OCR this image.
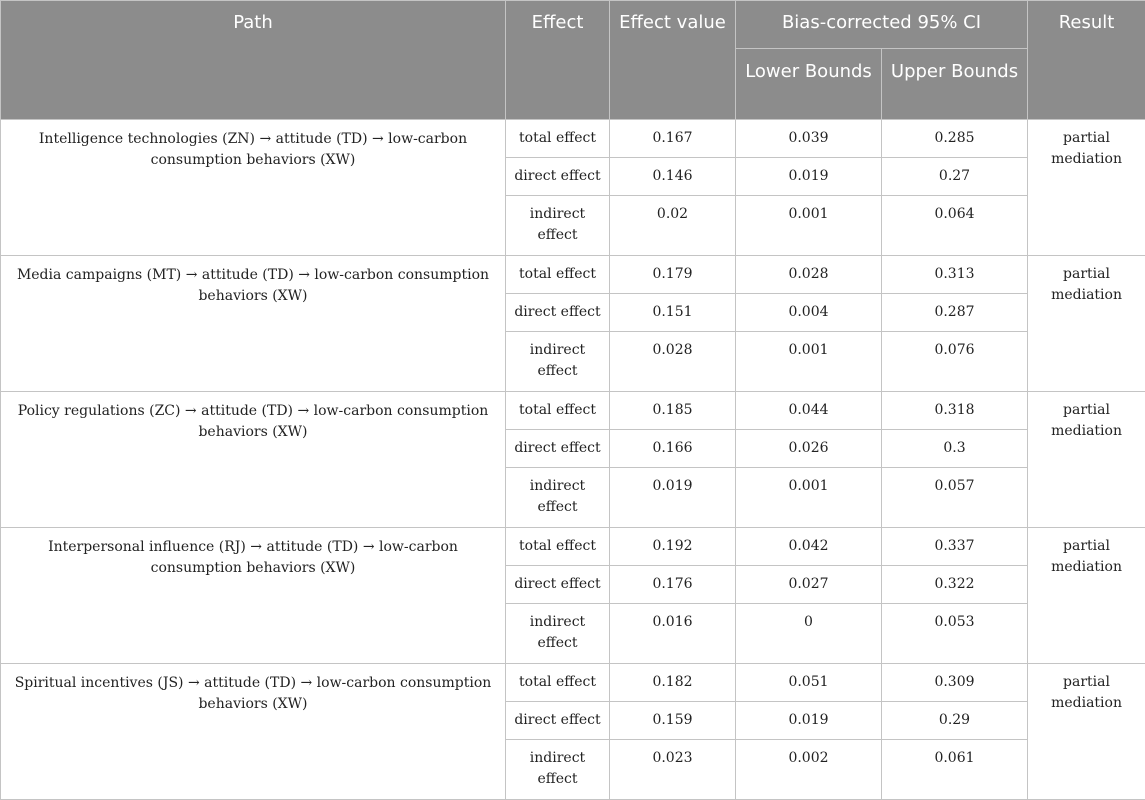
Path	Effect	Effect value	Bias-corrected 95% CI		Result
			Lower Bounds	Upper Bounds	
Intelligence technologies (ZN) → attitude (TD) → low-carbon consumption behaviors (XW)	total effect	0.167	0.039	0.285	partial mediation
	direct effect	0.146	0.019	0.27	
	indirect effect	0.02	0.001	0.064	
Media campaigns (MT) → attitude (TD) → low-carbon consumption behaviors (XW)	total effect	0.179	0.028	0.313	partial mediation
	direct effect	0.151	0.004	0.287	
	indirect effect	0.028	0.001	0.076	
Policy regulations (ZC) → attitude (TD) → low-carbon consumption behaviors (XW)	total effect	0.185	0.044	0.318	partial mediation
	direct effect	0.166	0.026	0.3	
	indirect effect	0.019	0.001	0.057	
Interpersonal influence (RJ) → attitude (TD) → low-carbon consumption behaviors (XW)	total effect	0.192	0.042	0.337	partial mediation
	direct effect	0.176	0.027	0.322	
	indirect effect	0.016	0	0.053	
Spiritual incentives (JS) → attitude (TD) → low-carbon consumption behaviors (XW)	total effect	0.182	0.051	0.309	partial mediation
	direct effect	0.159	0.019	0.29	
	indirect effect	0.023	0.002	0.061	
